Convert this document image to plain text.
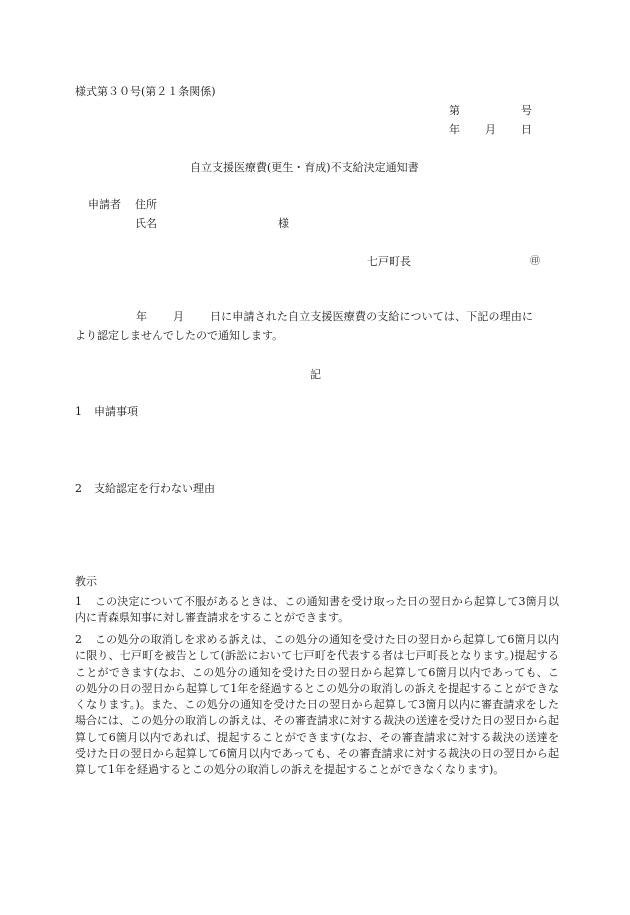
様式第３０号(第２１条関係)
第	号
年 月 日
自立支援医療費(更生・育成)不支給決定通知書
申請者 住所
氏名	様
七戸町長	㊞
年 月 日に申請された自立支援医療費の支給については、下記の理由に
より認定しませんでしたので通知します。
記
1 申請事項
2 支給認定を行わない理由
教示
1	この決定について不服があるときは、この通知書を受け取った日の翌日から起算して3箇月以内に青森県知事に対し審査請求をすることができます。
2	この処分の取消しを求める訴えは、この処分の通知を受けた日の翌日から起算して6箇月以内に限り、七戸町を被告として(訴訟において七戸町を代表する者は七戸町長となります。)提起することができます(なお、この処分の通知を受けた日の翌日から起算して6箇月以内であっても、この処分の日の翌日から起算して1年を経過するとこの処分の取消しの訴えを提起することができなくなります。)。また、この処分の通知を受けた日の翌日から起算して3箇月以内に審査請求をした場合には、この処分の取消しの訴えは、その審査請求に対する裁決の送達を受けた日の翌日から起算して6箇月以内であれば、提起することができます(なお、その審査請求に対する裁決の送達を受けた日の翌日から起算して6箇月以内であっても、その審査請求に対する裁決の日の翌日から起算して1年を経過するとこの処分の取消しの訴えを提起することができなくなります)。
